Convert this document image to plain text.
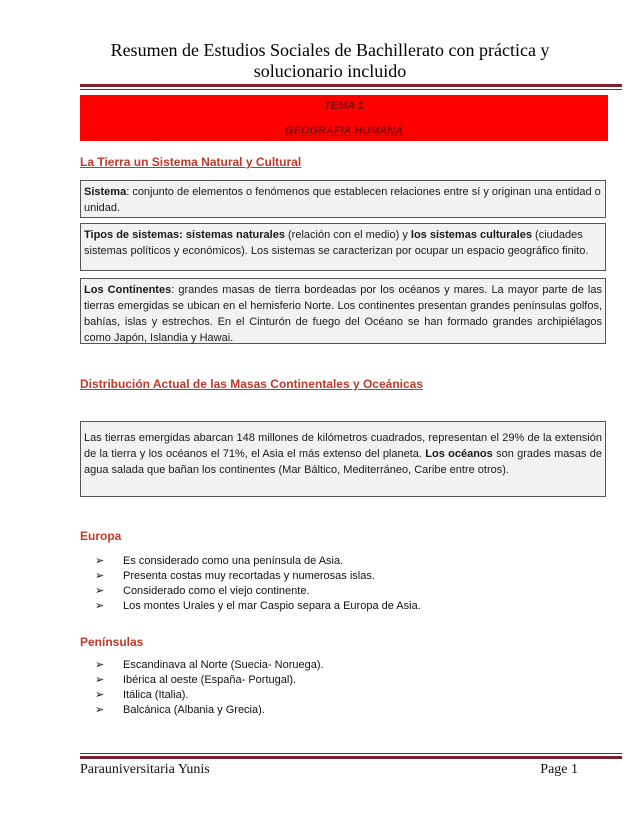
Resumen de Estudios Sociales de Bachillerato con práctica y
solucionario incluido
TEMA 1
GEOGRAFIA HUMANA
La Tierra un Sistema Natural y Cultural
Sistema: conjunto de elementos o fenómenos que establecen relaciones entre sí y originan una entidad o unidad.
Tipos de sistemas: sistemas naturales (relación con el medio) y los sistemas culturales (ciudades sistemas políticos y económicos). Los sistemas se caracterizan por ocupar un espacio geográfico finito.
Los Continentes: grandes masas de tierra bordeadas por los océanos y mares. La mayor parte de las tierras emergidas se ubican en el hemisferio Norte. Los continentes presentan grandes penínsulas golfos, bahías, islas y estrechos. En el Cinturón de fuego del Océano se han formado grandes archipiélagos como Japón, Islandia y Hawai.
Distribución Actual de las Masas Continentales y Oceánicas
Las tierras emergidas abarcan 148 millones de kilómetros cuadrados, representan el 29% de la extensión de la tierra y los océanos el 71%, el Asia el más extenso del planeta. Los océanos son grades masas de agua salada que bañan los continentes (Mar Báltico, Mediterráneo, Caribe entre otros).
Europa
➢ Es considerado como una península de Asia.
➢ Presenta costas muy recortadas y numerosas islas.
➢ Considerado como el viejo continente.
➢ Los montes Urales y el mar Caspio separa a Europa de Asia.
Penínsulas
➢ Escandinava al Norte (Suecia- Noruega).
➢ Ibérica al oeste (España- Portugal).
➢ Itálica (Italia).
➢ Balcánica (Albania y Grecia).
Parauniversitaria Yunis	Page 1
